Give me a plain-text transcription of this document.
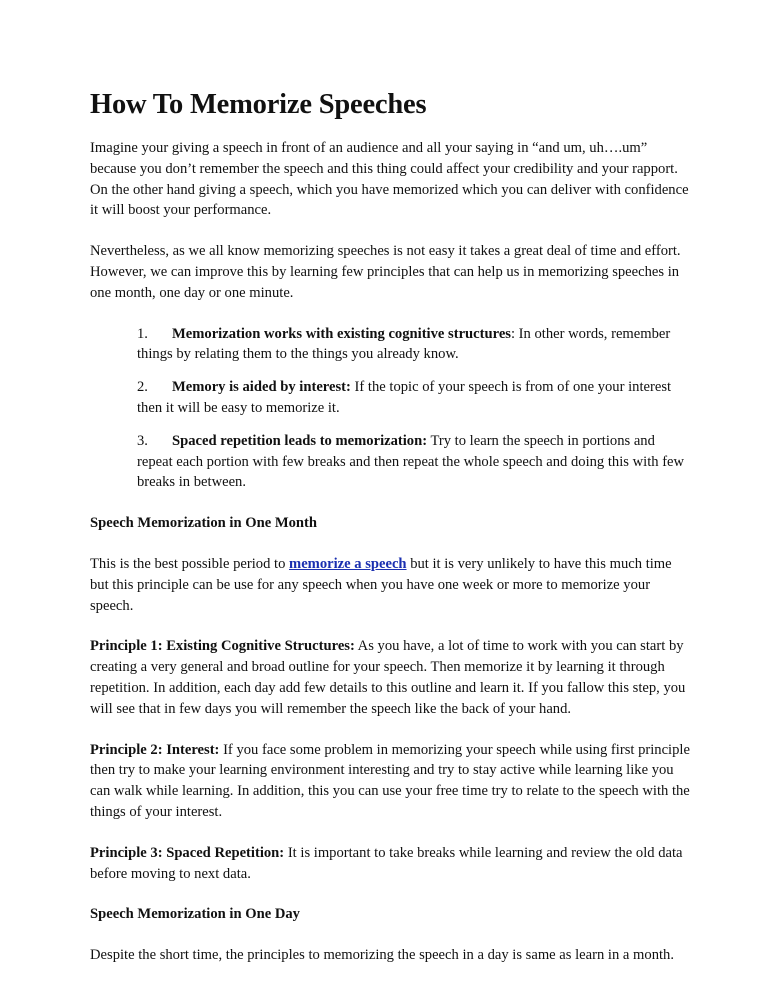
How To Memorize Speeches

Imagine your giving a speech in front of an audience and all your saying in “and um, uh….um” because you don’t remember the speech and this thing could affect your credibility and your rapport. On the other hand giving a speech, which you have memorized which you can deliver with confidence it will boost your performance.

Nevertheless, as we all know memorizing speeches is not easy it takes a great deal of time and effort. However, we can improve this by learning few principles that can help us in memorizing speeches in one month, one day or one minute.

1. Memorization works with existing cognitive structures: In other words, remember things by relating them to the things you already know.
2. Memory is aided by interest: If the topic of your speech is from of one your interest then it will be easy to memorize it.
3. Spaced repetition leads to memorization: Try to learn the speech in portions and repeat each portion with few breaks and then repeat the whole speech and doing this with few breaks in between.
Speech Memorization in One Month

This is the best possible period to memorize a speech but it is very unlikely to have this much time but this principle can be use for any speech when you have one week or more to memorize your speech.

Principle 1: Existing Cognitive Structures: As you have, a lot of time to work with you can start by creating a very general and broad outline for your speech. Then memorize it by learning it through repetition. In addition, each day add few details to this outline and learn it. If you fallow this step, you will see that in few days you will remember the speech like the back of your hand.

Principle 2: Interest: If you face some problem in memorizing your speech while using first principle then try to make your learning environment interesting and try to stay active while learning like you can walk while learning. In addition, this you can use your free time try to relate to the speech with the things of your interest.

Principle 3: Spaced Repetition: It is important to take breaks while learning and review the old data before moving to next data.

Speech Memorization in One Day

Despite the short time, the principles to memorizing the speech in a day is same as learn in a month.
